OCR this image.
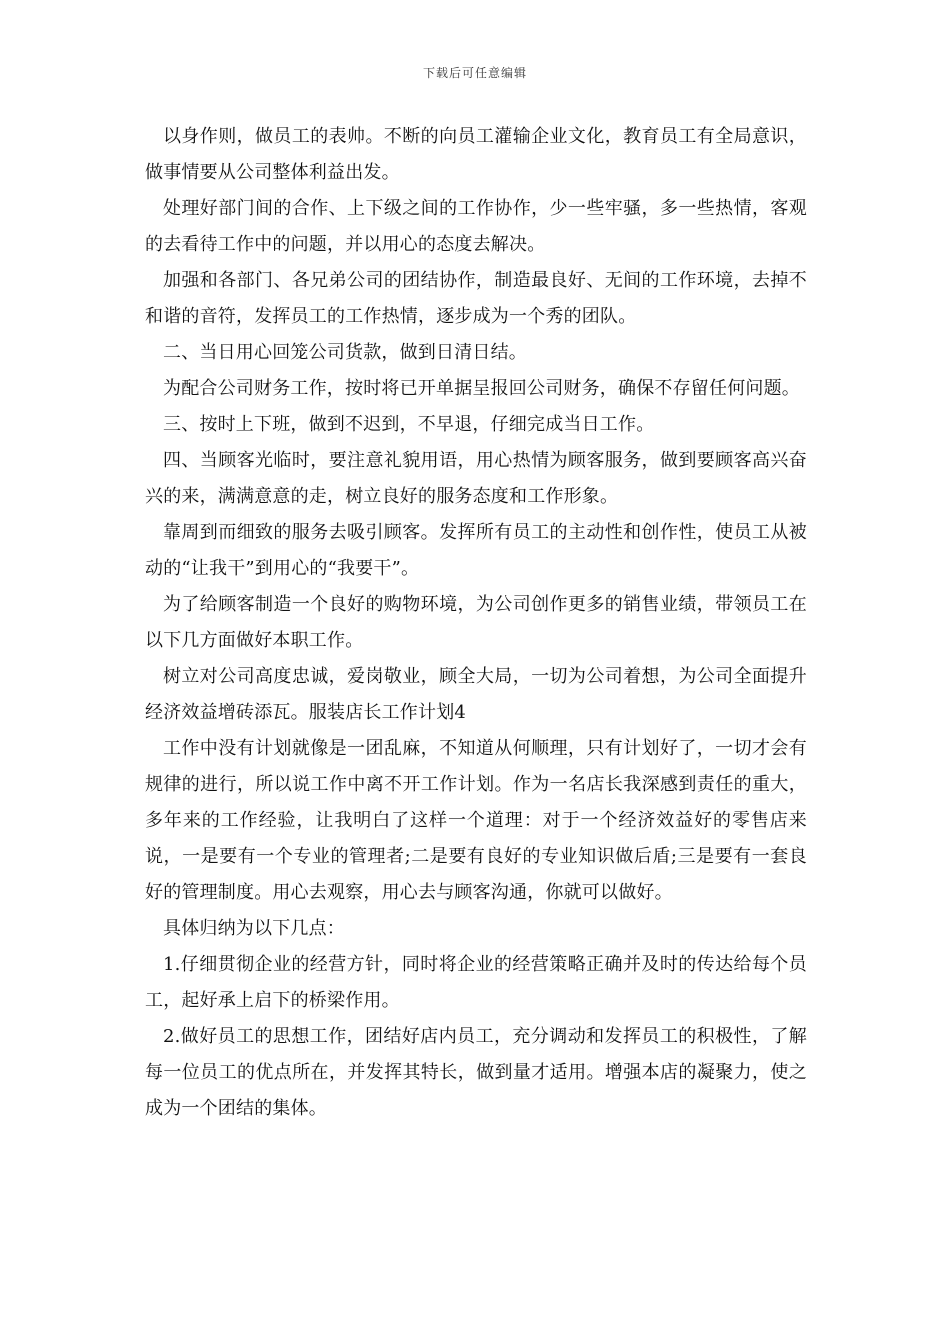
下载后可任意编辑

以身作则，做员工的表帅。不断的向员工灌输企业文化，教育员工有全局意识，做事情要从公司整体利益出发。

处理好部门间的合作、上下级之间的工作协作，少一些牢骚，多一些热情，客观的去看待工作中的问题，并以用心的态度去解决。

加强和各部门、各兄弟公司的团结协作，制造最良好、无间的工作环境，去掉不和谐的音符，发挥员工的工作热情，逐步成为一个秀的团队。

二、当日用心回笼公司货款，做到日清日结。

为配合公司财务工作，按时将已开单据呈报回公司财务，确保不存留任何问题。

三、按时上下班，做到不迟到，不早退，仔细完成当日工作。

四、当顾客光临时，要注意礼貌用语，用心热情为顾客服务，做到要顾客高兴奋兴的来，满满意意的走，树立良好的服务态度和工作形象。

靠周到而细致的服务去吸引顾客。发挥所有员工的主动性和创作性，使员工从被动的“让我干”到用心的“我要干”。

为了给顾客制造一个良好的购物环境，为公司创作更多的销售业绩，带领员工在以下几方面做好本职工作。

树立对公司高度忠诚，爱岗敬业，顾全大局，一切为公司着想，为公司全面提升经济效益增砖添瓦。服装店长工作计划4

工作中没有计划就像是一团乱麻，不知道从何顺理，只有计划好了，一切才会有规律的进行，所以说工作中离不开工作计划。作为一名店长我深感到责任的重大，多年来的工作经验，让我明白了这样一个道理：对于一个经济效益好的零售店来说，一是要有一个专业的管理者;二是要有良好的专业知识做后盾;三是要有一套良好的管理制度。用心去观察，用心去与顾客沟通，你就可以做好。

具体归纳为以下几点：

1.仔细贯彻企业的经营方针，同时将企业的经营策略正确并及时的传达给每个员工，起好承上启下的桥梁作用。

2.做好员工的思想工作，团结好店内员工，充分调动和发挥员工的积极性，了解每一位员工的优点所在，并发挥其特长，做到量才适用。增强本店的凝聚力，使之成为一个团结的集体。
